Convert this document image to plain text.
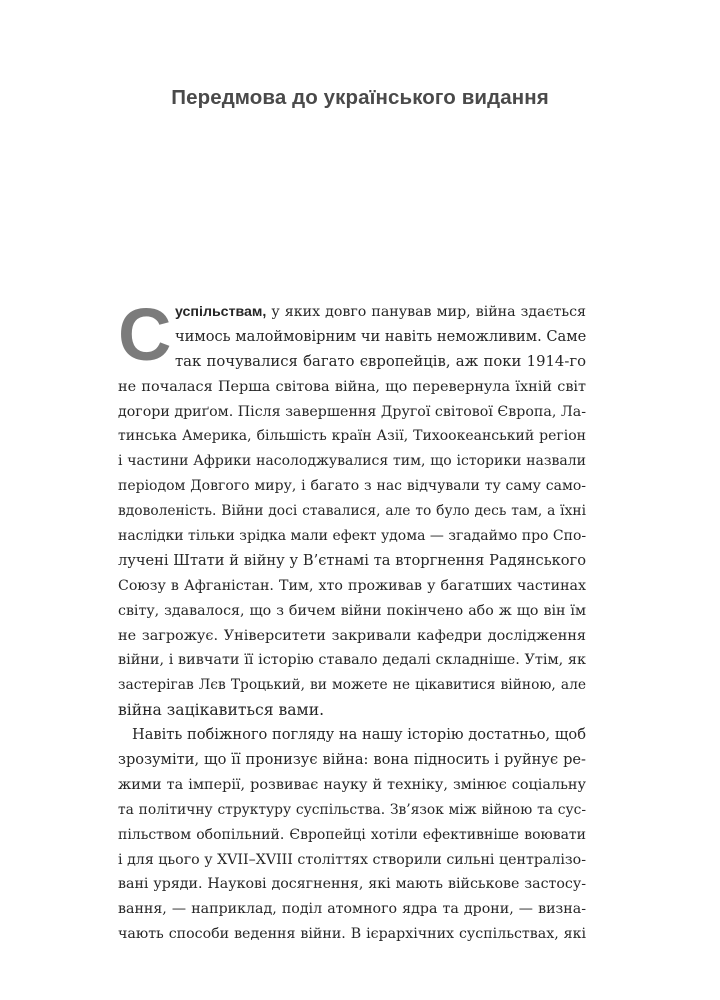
Передмова до українського видання
С успільствам, у яких довго панував мир, війна здається
чимось малоймовірним чи навіть неможливим. Саме
так почувалися багато європейців, аж поки 1914-го
не почалася Перша світова війна, що перевернула їхній світ
догори дриґом. Після завершення Другої світової Європа, Ла-
тинська Америка, більшість країн Азії, Тихоокеанський регіон
і частини Африки насолоджувалися тим, що історики назвали
періодом Довгого миру, і багато з нас відчували ту саму само-
вдоволеність. Війни досі ставалися, але то було десь там, а їхні
наслідки тільки зрідка мали ефект удома — згадаймо про Спо-
лучені Штати й війну у В’єтнамі та вторгнення Радянського
Союзу в Афганістан. Тим, хто проживав у багатших частинах
світу, здавалося, що з бичем війни покінчено або ж що він їм
не загрожує. Університети закривали кафедри дослідження
війни, і вивчати її історію ставало дедалі складніше. Утім, як
застерігав Лєв Троцький, ви можете не цікавитися війною, але
війна зацікавиться вами.
Навіть побіжного погляду на нашу історію достатньо, щоб
зрозуміти, що її пронизує війна: вона підносить і руйнує ре-
жими та імперії, розвиває науку й техніку, змінює соціальну
та політичну структуру суспільства. Зв’язок між війною та сус-
пільством обопільний. Європейці хотіли ефективніше воювати
і для цього у XVII–XVIII століттях створили сильні централізо-
вані уряди. Наукові досягнення, які мають військове застосу-
вання, — наприклад, поділ атомного ядра та дрони, — визна-
чають способи ведення війни. В ієрархічних суспільствах, які
